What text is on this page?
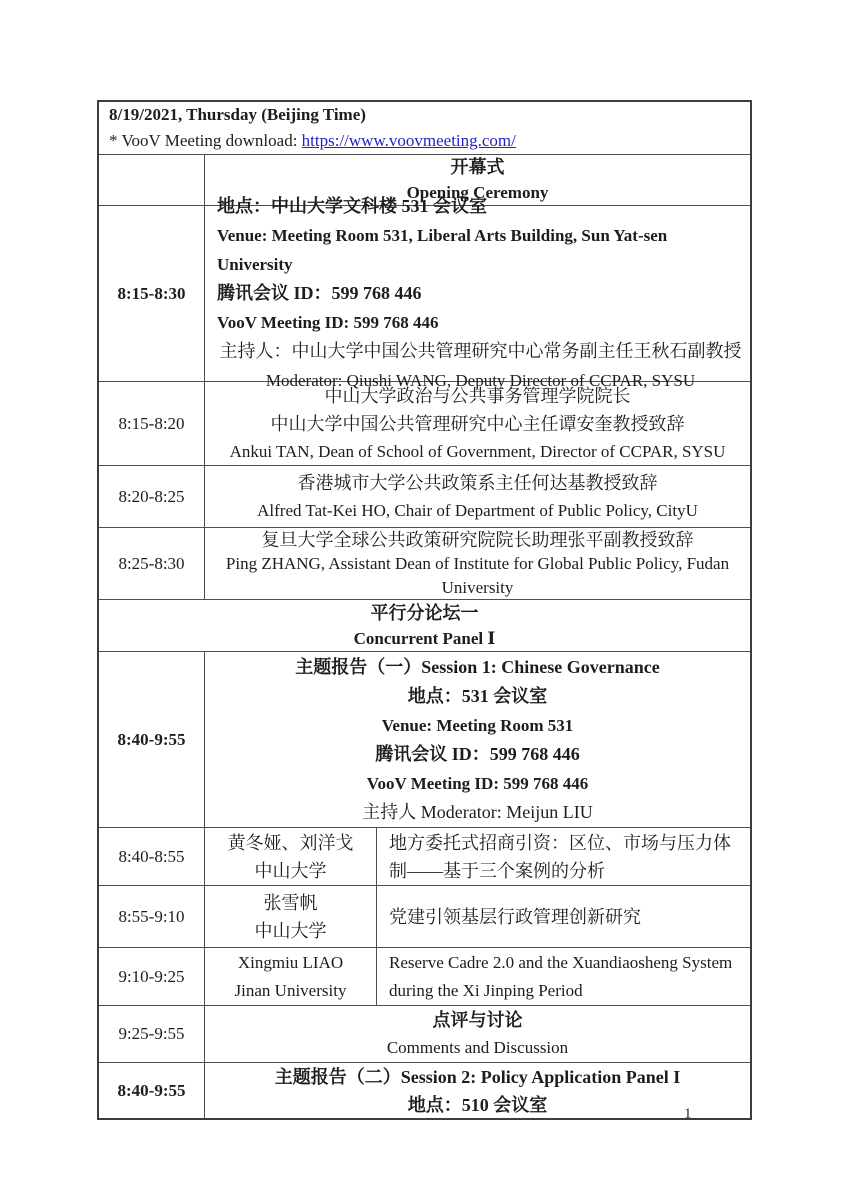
8/19/2021, Thursday (Beijing Time)
* VooV Meeting download: https://www.voovmeeting.com/
开幕式
Opening Ceremony
8:15-8:30
地点：中山大学文科楼 531 会议室
Venue: Meeting Room 531, Liberal Arts Building, Sun Yat-sen University
腾讯会议 ID：599 768 446
VooV Meeting ID: 599 768 446
主持人：中山大学中国公共管理研究中心常务副主任王秋石副教授
Moderator: Qiushi WANG, Deputy Director of CCPAR, SYSU
8:15-8:20
中山大学政治与公共事务管理学院院长
中山大学中国公共管理研究中心主任谭安奎教授致辞
Ankui TAN, Dean of School of Government, Director of CCPAR, SYSU
8:20-8:25
香港城市大学公共政策系主任何达基教授致辞
Alfred Tat-Kei HO, Chair of Department of Public Policy, CityU
8:25-8:30
复旦大学全球公共政策研究院院长助理张平副教授致辞
Ping ZHANG, Assistant Dean of Institute for Global Public Policy, Fudan University
平行分论坛一
Concurrent Panel Ⅰ
8:40-9:55
主题报告（一）Session 1: Chinese Governance
地点：531 会议室
Venue: Meeting Room 531
腾讯会议 ID：599 768 446
VooV Meeting ID: 599 768 446
主持人 Moderator: Meijun LIU
8:40-8:55
黄冬娅、刘洋戈
中山大学
地方委托式招商引资：区位、市场与压力体制——基于三个案例的分析
8:55-9:10
张雪帆
中山大学
党建引领基层行政管理创新研究
9:10-9:25
Xingmiu LIAO
Jinan University
Reserve Cadre 2.0 and the Xuandiaosheng System during the Xi Jinping Period
9:25-9:55
点评与讨论
Comments and Discussion
8:40-9:55
主题报告（二）Session 2: Policy Application Panel I
地点：510 会议室	1
